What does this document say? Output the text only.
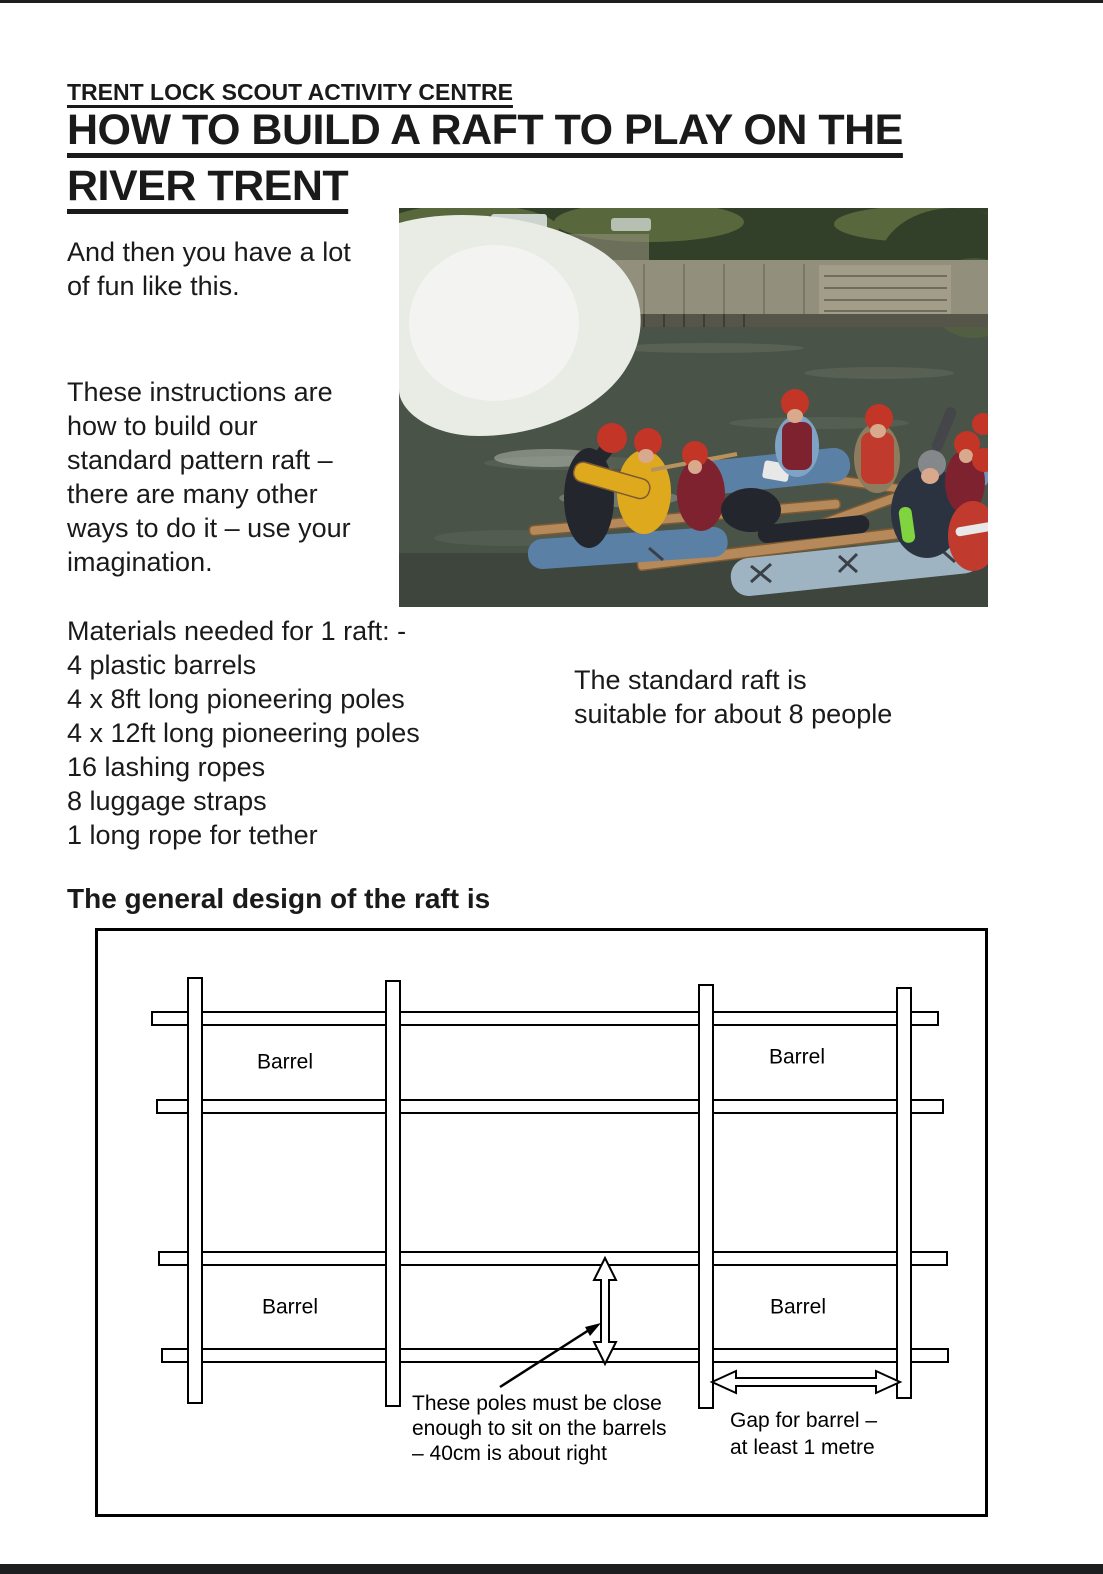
TRENT LOCK SCOUT ACTIVITY CENTRE
HOW TO BUILD A RAFT TO PLAY ON THE
RIVER TRENT
And then you have a lot
of fun like this.
These instructions are
how to build our
standard pattern raft –
there are many other
ways to do it – use your
imagination.
Materials needed for 1 raft: -
4 plastic barrels
4 x 8ft long pioneering poles
4 x 12ft long pioneering poles
16 lashing ropes
8 luggage straps
1 long rope for tether
The standard raft is
suitable for about 8 people
The general design of the raft is
Barrel	Barrel
Barrel	Barrel
These poles must be close
enough to sit on the barrels
– 40cm is about right
Gap for barrel –
at least 1 metre
